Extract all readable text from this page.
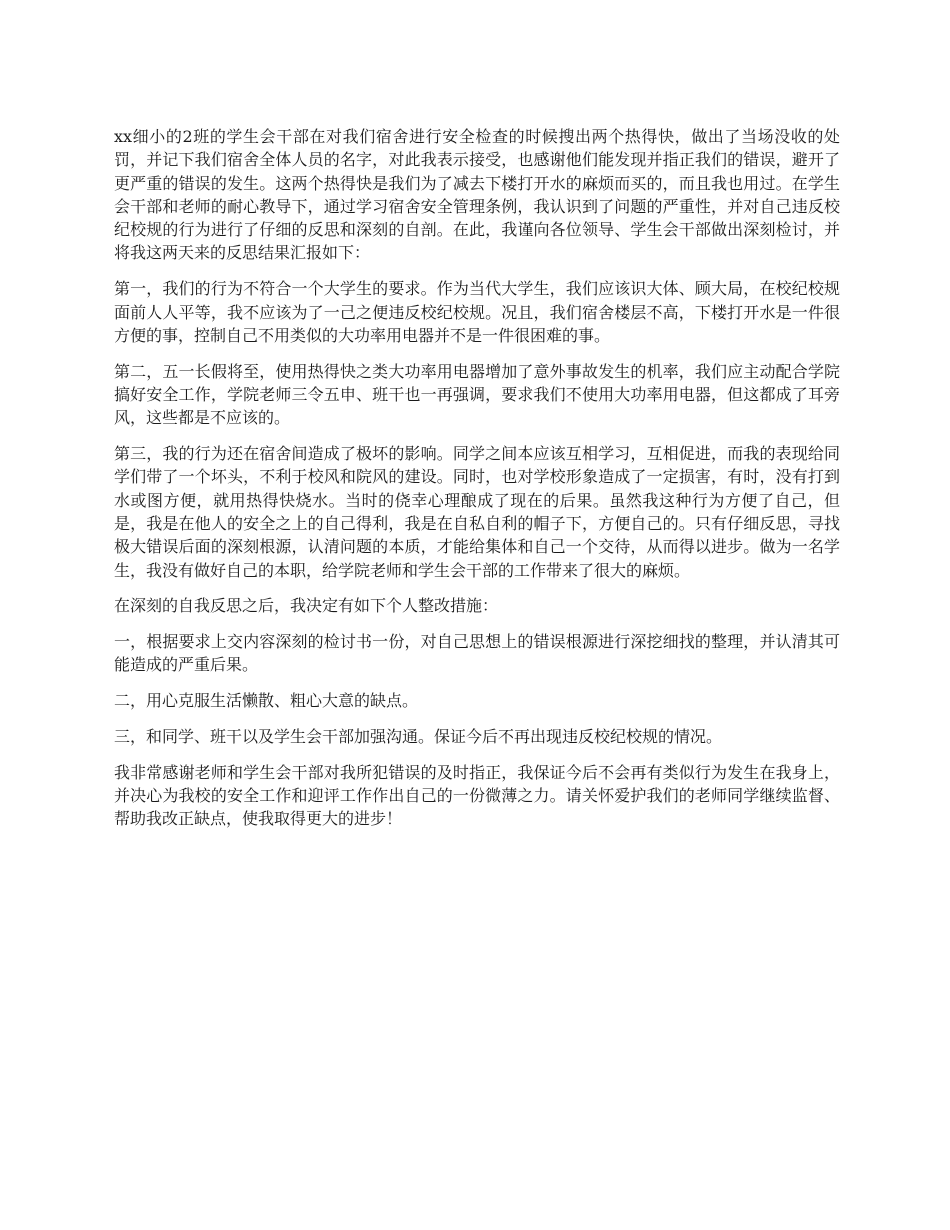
xx细小的2班的学生会干部在对我们宿舍进行安全检查的时候搜出两个热得快，做出了当场没收的处罚，并记下我们宿舍全体人员的名字，对此我表示接受，也感谢他们能发现并指正我们的错误，避开了更严重的错误的发生。这两个热得快是我们为了减去下楼打开水的麻烦而买的，而且我也用过。在学生会干部和老师的耐心教导下，通过学习宿舍安全管理条例，我认识到了问题的严重性，并对自己违反校纪校规的行为进行了仔细的反思和深刻的自剖。在此，我谨向各位领导、学生会干部做出深刻检讨，并将我这两天来的反思结果汇报如下：

第一，我们的行为不符合一个大学生的要求。作为当代大学生，我们应该识大体、顾大局，在校纪校规面前人人平等，我不应该为了一己之便违反校纪校规。况且，我们宿舍楼层不高，下楼打开水是一件很方便的事，控制自己不用类似的大功率用电器并不是一件很困难的事。

第二，五一长假将至，使用热得快之类大功率用电器增加了意外事故发生的机率，我们应主动配合学院搞好安全工作，学院老师三令五申、班干也一再强调，要求我们不使用大功率用电器，但这都成了耳旁风，这些都是不应该的。

第三，我的行为还在宿舍间造成了极坏的影响。同学之间本应该互相学习，互相促进，而我的表现给同学们带了一个坏头，不利于校风和院风的建设。同时，也对学校形象造成了一定损害，有时，没有打到水或图方便，就用热得快烧水。当时的侥幸心理酿成了现在的后果。虽然我这种行为方便了自己，但是，我是在他人的安全之上的自己得利，我是在自私自利的帽子下，方便自己的。只有仔细反思，寻找极大错误后面的深刻根源，认清问题的本质，才能给集体和自己一个交待，从而得以进步。做为一名学生，我没有做好自己的本职，给学院老师和学生会干部的工作带来了很大的麻烦。

在深刻的自我反思之后，我决定有如下个人整改措施：

一，根据要求上交内容深刻的检讨书一份，对自己思想上的错误根源进行深挖细找的整理，并认清其可能造成的严重后果。

二，用心克服生活懒散、粗心大意的缺点。

三，和同学、班干以及学生会干部加强沟通。保证今后不再出现违反校纪校规的情况。

我非常感谢老师和学生会干部对我所犯错误的及时指正，我保证今后不会再有类似行为发生在我身上，并决心为我校的安全工作和迎评工作作出自己的一份微薄之力。请关怀爱护我们的老师同学继续监督、帮助我改正缺点，使我取得更大的进步！
